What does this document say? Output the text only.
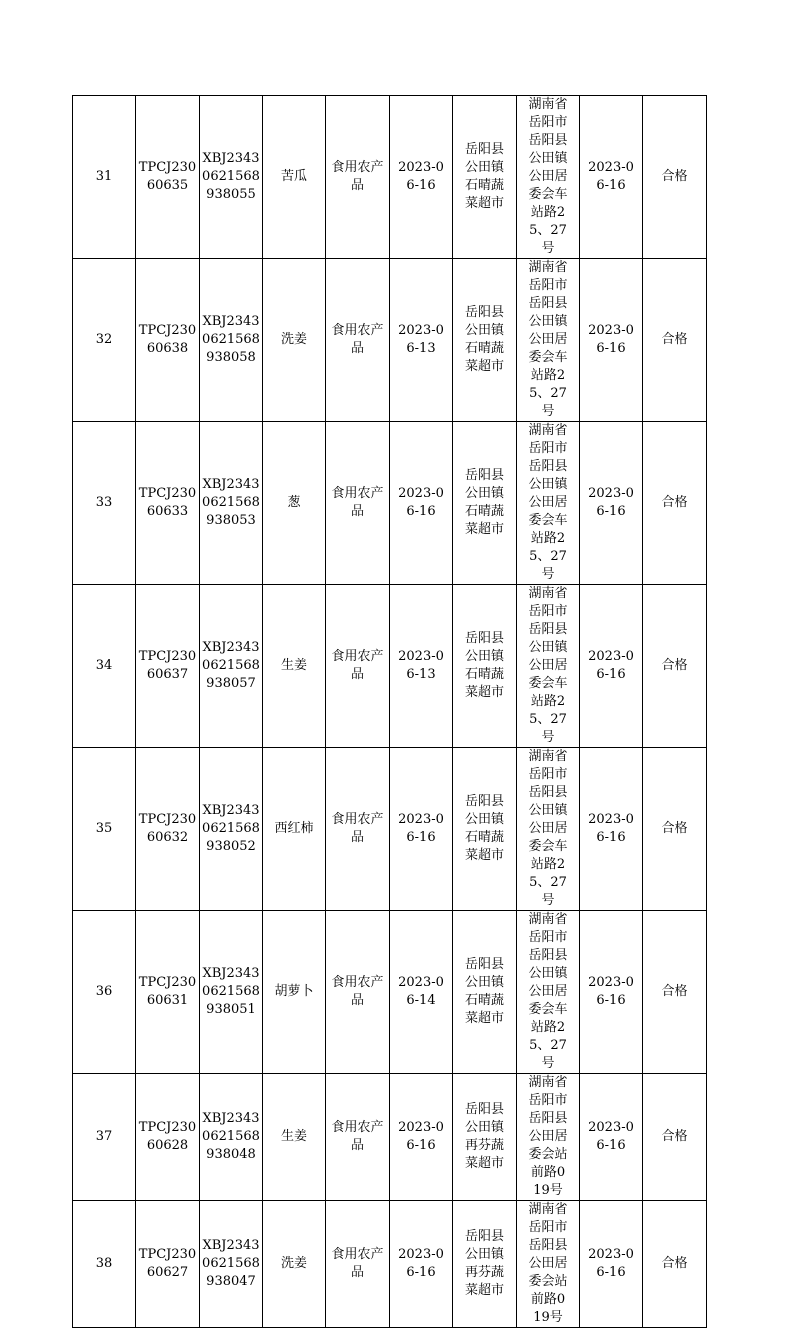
31	TPCJ23060635	XBJ23430621568938055	苦瓜	食用农产品	2023-06-16	岳阳县公田镇石晴蔬菜超市	湖南省岳阳市岳阳县公田镇公田居委会车站路25、27号	2023-06-16	合格
32	TPCJ23060638	XBJ23430621568938058	洗姜	食用农产品	2023-06-13	岳阳县公田镇石晴蔬菜超市	湖南省岳阳市岳阳县公田镇公田居委会车站路25、27号	2023-06-16	合格
33	TPCJ23060633	XBJ23430621568938053	葱	食用农产品	2023-06-16	岳阳县公田镇石晴蔬菜超市	湖南省岳阳市岳阳县公田镇公田居委会车站路25、27号	2023-06-16	合格
34	TPCJ23060637	XBJ23430621568938057	生姜	食用农产品	2023-06-13	岳阳县公田镇石晴蔬菜超市	湖南省岳阳市岳阳县公田镇公田居委会车站路25、27号	2023-06-16	合格
35	TPCJ23060632	XBJ23430621568938052	西红柿	食用农产品	2023-06-16	岳阳县公田镇石晴蔬菜超市	湖南省岳阳市岳阳县公田镇公田居委会车站路25、27号	2023-06-16	合格
36	TPCJ23060631	XBJ23430621568938051	胡萝卜	食用农产品	2023-06-14	岳阳县公田镇石晴蔬菜超市	湖南省岳阳市岳阳县公田镇公田居委会车站路25、27号	2023-06-16	合格
37	TPCJ23060628	XBJ23430621568938048	生姜	食用农产品	2023-06-16	岳阳县公田镇再芬蔬菜超市	湖南省岳阳市岳阳县公田居委会站前路019号	2023-06-16	合格
38	TPCJ23060627	XBJ23430621568938047	洗姜	食用农产品	2023-06-16	岳阳县公田镇再芬蔬菜超市	湖南省岳阳市岳阳县公田居委会站前路019号	2023-06-16	合格
